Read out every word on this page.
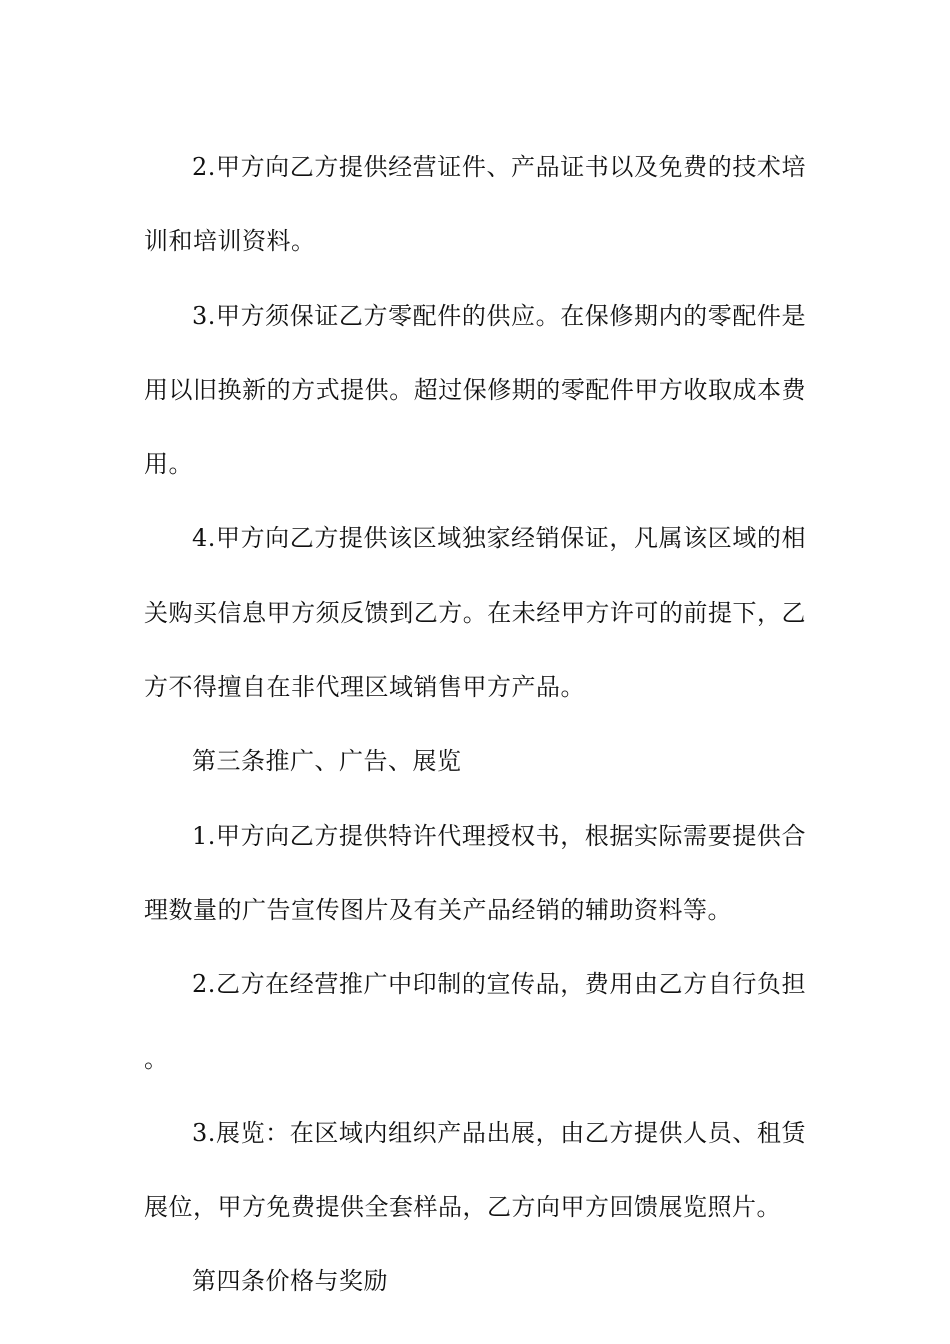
2.甲方向乙方提供经营证件、产品证书以及免费的技术培训和培训资料。

3.甲方须保证乙方零配件的供应。在保修期内的零配件是用以旧换新的方式提供。超过保修期的零配件甲方收取成本费用。

4.甲方向乙方提供该区域独家经销保证，凡属该区域的相关购买信息甲方须反馈到乙方。在未经甲方许可的前提下，乙方不得擅自在非代理区域销售甲方产品。

第三条推广、广告、展览

1.甲方向乙方提供特许代理授权书，根据实际需要提供合理数量的广告宣传图片及有关产品经销的辅助资料等。

2.乙方在经营推广中印制的宣传品，费用由乙方自行负担。

3.展览：在区域内组织产品出展，由乙方提供人员、租赁展位，甲方免费提供全套样品，乙方向甲方回馈展览照片。

第四条价格与奖励
